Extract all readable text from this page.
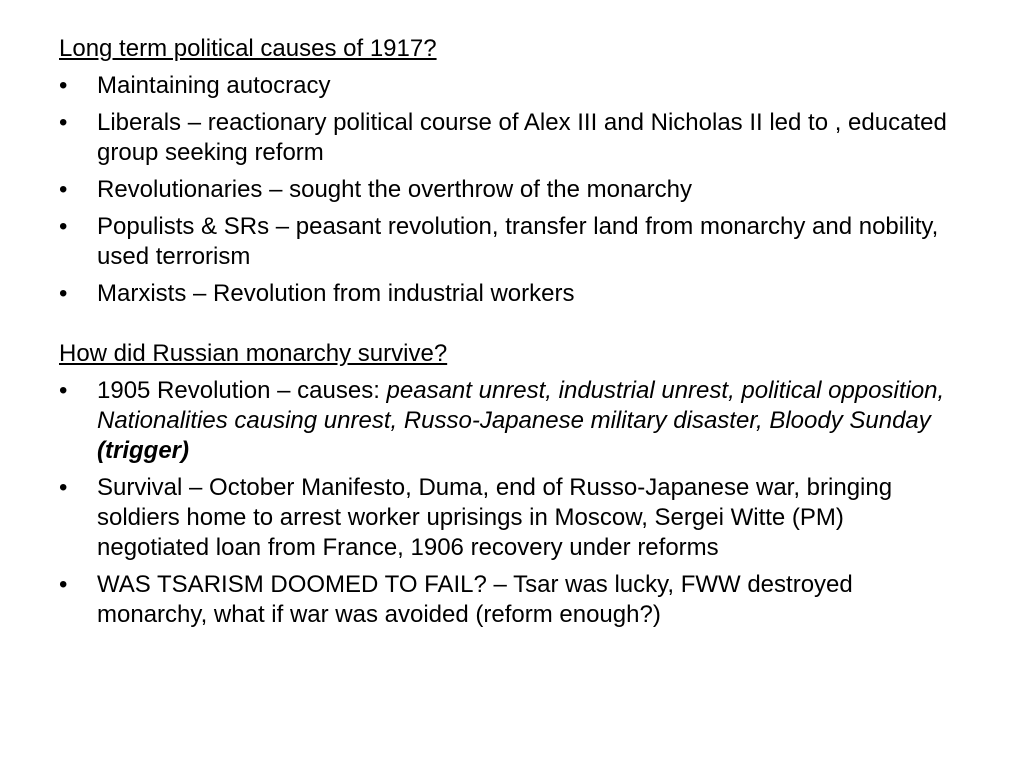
Long term political causes of 1917?

•	Maintaining autocracy
•	Liberals – reactionary political course of Alex III and Nicholas II led to , educated group seeking reform
•	Revolutionaries – sought the overthrow of the monarchy
•	Populists & SRs – peasant revolution, transfer land from monarchy and nobility, used terrorism
•	Marxists – Revolution from industrial workers

How did Russian monarchy survive?

•	1905 Revolution – causes: peasant unrest, industrial unrest, political opposition, Nationalities causing unrest, Russo-Japanese military disaster, Bloody Sunday (trigger)
•	Survival – October Manifesto, Duma, end of Russo-Japanese war, bringing soldiers home to arrest worker uprisings in Moscow, Sergei Witte (PM) negotiated loan from France, 1906 recovery under reforms
•	WAS TSARISM DOOMED TO FAIL? – Tsar was lucky, FWW destroyed monarchy, what if war was avoided (reform enough?)
